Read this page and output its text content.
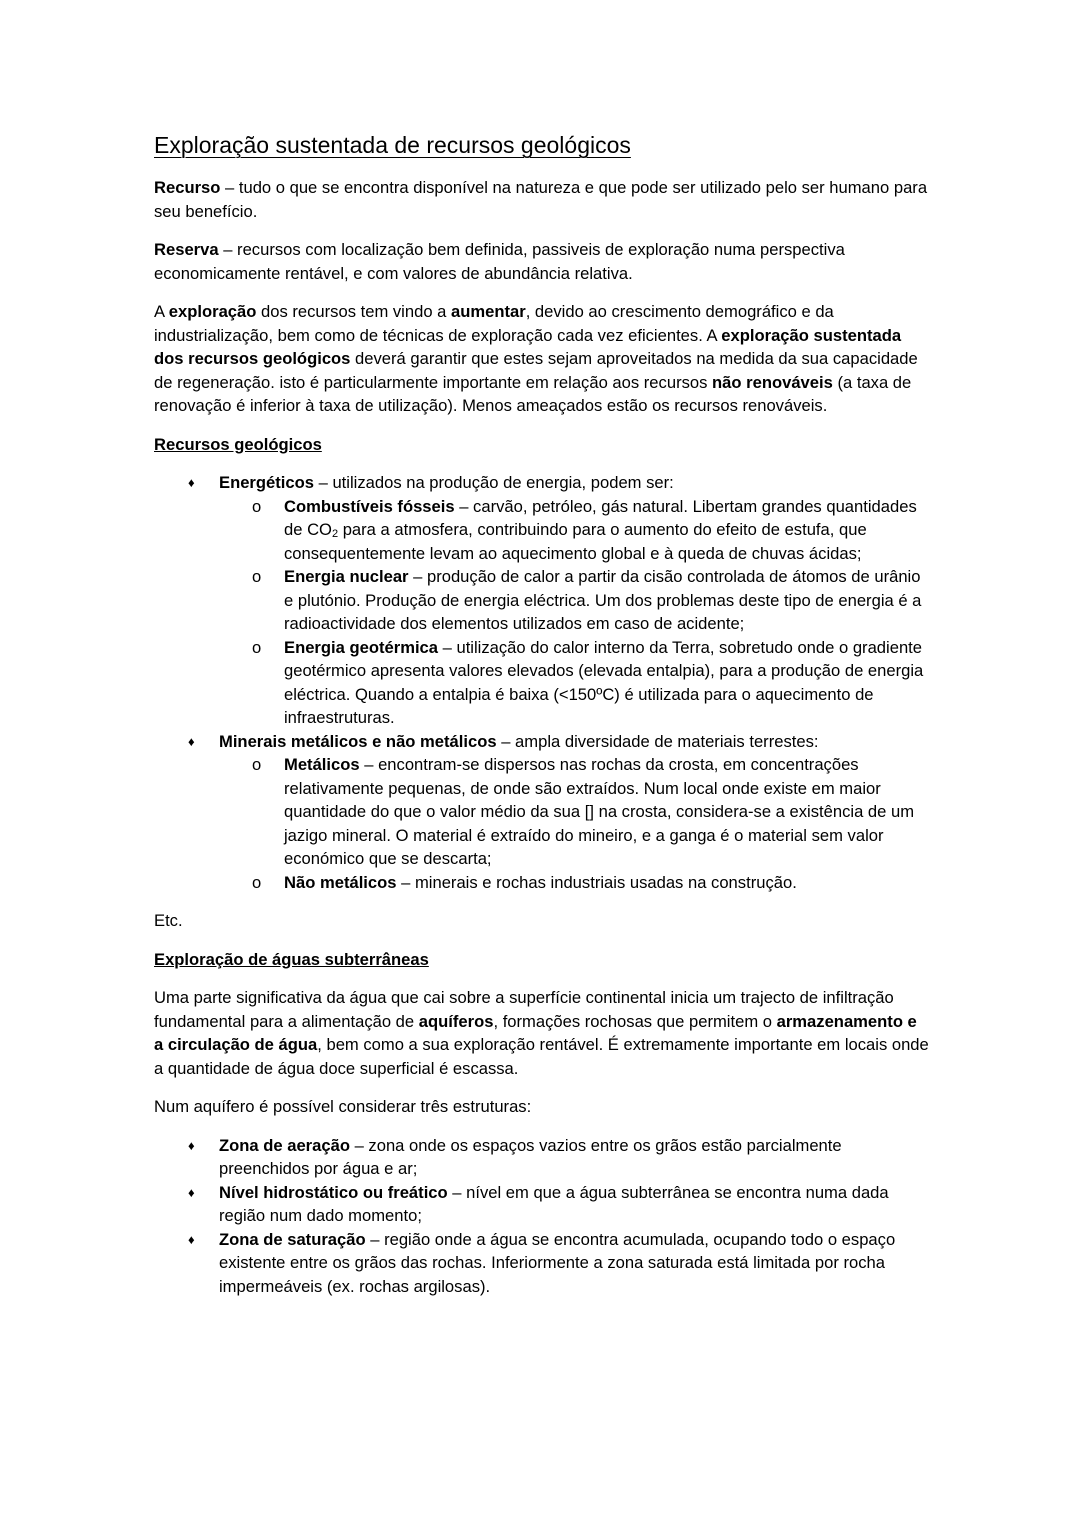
Exploração sustentada de recursos geológicos

Recurso – tudo o que se encontra disponível na natureza e que pode ser utilizado pelo ser humano para seu benefício.

Reserva – recursos com localização bem definida, passiveis de exploração numa perspectiva economicamente rentável, e com valores de abundância relativa.

A exploração dos recursos tem vindo a aumentar, devido ao crescimento demográfico e da industrialização, bem como de técnicas de exploração cada vez eficientes. A exploração sustentada dos recursos geológicos deverá garantir que estes sejam aproveitados na medida da sua capacidade de regeneração. isto é particularmente importante em relação aos recursos não renováveis (a taxa de renovação é inferior à taxa de utilização). Menos ameaçados estão os recursos renováveis.

Recursos geológicos
♦ Energéticos – utilizados na produção de energia, podem ser:
o Combustíveis fósseis – carvão, petróleo, gás natural. Libertam grandes quantidades de $CO_2$ para a atmosfera, contribuindo para o aumento do efeito de estufa, que consequentemente levam ao aquecimento global e à queda de chuvas ácidas;
o Energia nuclear – produção de calor a partir da cisão controlada de átomos de urânio e plutónio. Produção de energia eléctrica. Um dos problemas deste tipo de energia é a radioactividade dos elementos utilizados em caso de acidente;
o Energia geotérmica – utilização do calor interno da Terra, sobretudo onde o gradiente geotérmico apresenta valores elevados (elevada entalpia), para a produção de energia eléctrica. Quando a entalpia é baixa (<150ºC) é utilizada para o aquecimento de infraestruturas.
♦ Minerais metálicos e não metálicos – ampla diversidade de materiais terrestes:
o Metálicos – encontram-se dispersos nas rochas da crosta, em concentrações relativamente pequenas, de onde são extraídos. Num local onde existe em maior quantidade do que o valor médio da sua [] na crosta, considera-se a existência de um jazigo mineral. O material é extraído do mineiro, e a ganga é o material sem valor económico que se descarta;
o Não metálicos – minerais e rochas industriais usadas na construção.

Etc.

Exploração de águas subterrâneas

Uma parte significativa da água que cai sobre a superfície continental inicia um trajecto de infiltração fundamental para a alimentação de aquíferos, formações rochosas que permitem o armazenamento e a circulação de água, bem como a sua exploração rentável. É extremamente importante em locais onde a quantidade de água doce superficial é escassa.

Num aquífero é possível considerar três estruturas:

♦ Zona de aeração – zona onde os espaços vazios entre os grãos estão parcialmente preenchidos por água e ar;
♦ Nível hidrostático ou freático – nível em que a água subterrânea se encontra numa dada região num dado momento;
♦ Zona de saturação – região onde a água se encontra acumulada, ocupando todo o espaço existente entre os grãos das rochas. Inferiormente a zona saturada está limitada por rocha impermeáveis (ex. rochas argilosas).
